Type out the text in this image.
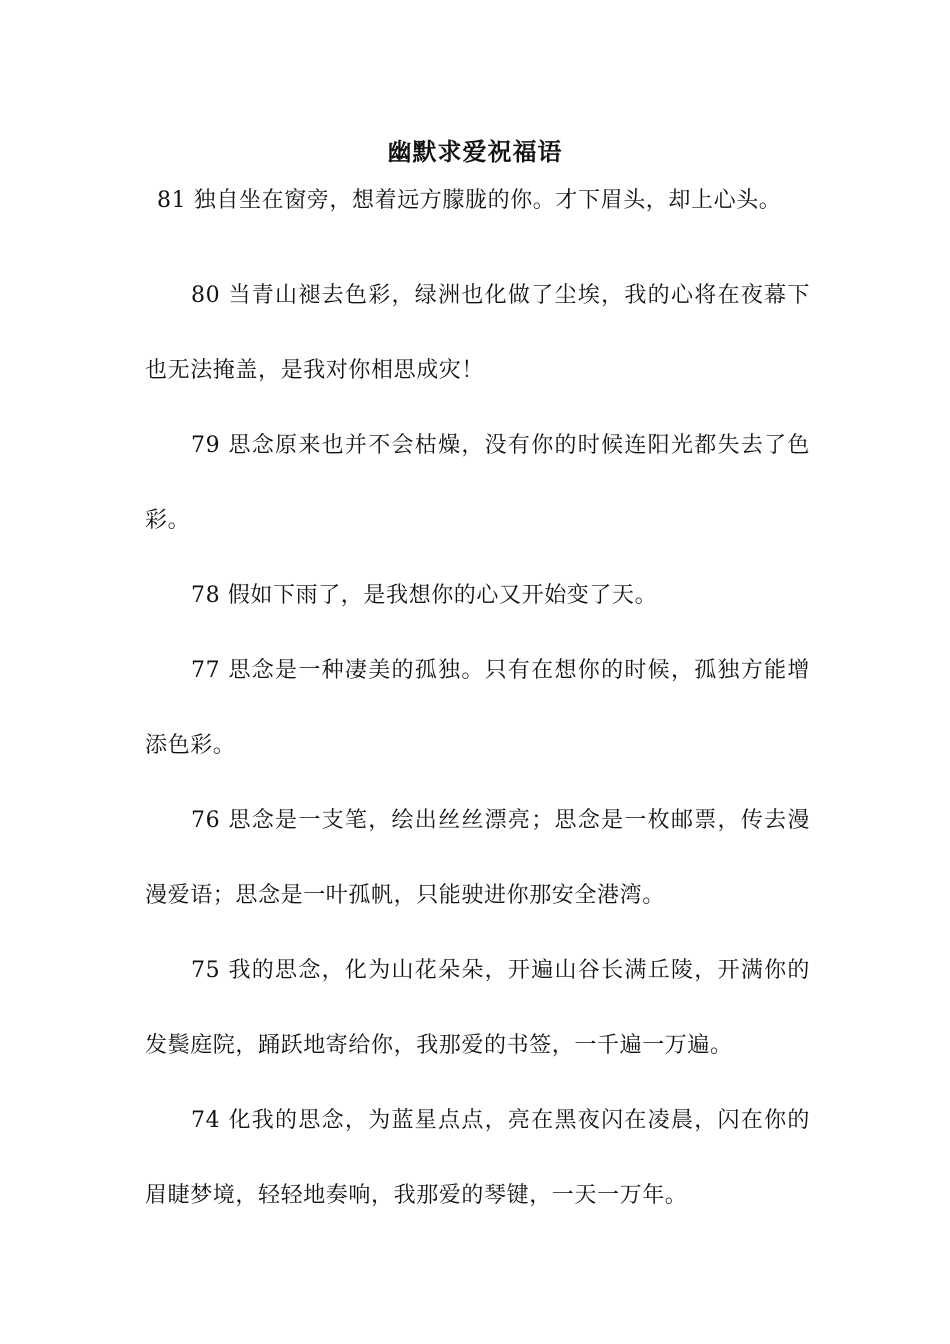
幽默求爱祝福语

81 独自坐在窗旁，想着远方朦胧的你。才下眉头，却上心头。

80 当青山褪去色彩，绿洲也化做了尘埃，我的心将在夜幕下也无法掩盖，是我对你相思成灾！

79 思念原来也并不会枯燥，没有你的时候连阳光都失去了色彩。

78 假如下雨了，是我想你的心又开始变了天。

77 思念是一种凄美的孤独。只有在想你的时候，孤独方能增添色彩。

76 思念是一支笔，绘出丝丝漂亮；思念是一枚邮票，传去漫漫爱语；思念是一叶孤帆，只能驶进你那安全港湾。

75 我的思念，化为山花朵朵，开遍山谷长满丘陵，开满你的发鬓庭院，踊跃地寄给你，我那爱的书签，一千遍一万遍。

74 化我的思念，为蓝星点点，亮在黑夜闪在凌晨，闪在你的眉睫梦境，轻轻地奏响，我那爱的琴键，一天一万年。
